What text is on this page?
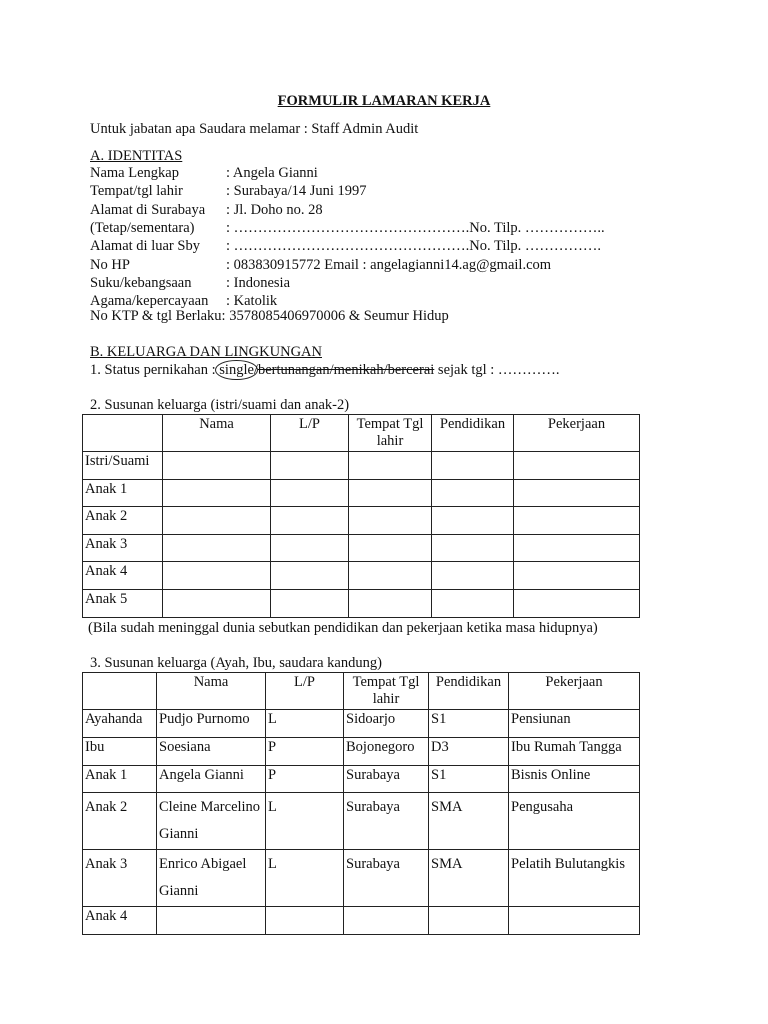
FORMULIR LAMARAN KERJA
Untuk jabatan apa Saudara melamar : Staff Admin Audit
A. IDENTITAS
Nama Lengkap	: Angela Gianni
Tempat/tgl lahir	: Surabaya/14 Juni 1997
Alamat di Surabaya : Jl. Doho no. 28
(Tetap/sementara) : ………………………………………….No. Tilp. ……………..
Alamat di luar Sby : ………………………………………….No. Tilp. …………….
No HP	: 083830915772 Email : angelagianni14.ag@gmail.com
Suku/kebangsaan : Indonesia
Agama/kepercayaan : Katolik
No KTP & tgl Berlaku: 3578085406970006 & Seumur Hidup
B. KELUARGA DAN LINGKUNGAN
1. Status pernikahan : single/bertunangan/menikah/bercerai sejak tgl : ………….
2. Susunan keluarga (istri/suami dan anak-2)
	Nama	L/P	Tempat Tgl lahir	Pendidikan	Pekerjaan
Istri/Suami					
Anak 1					
Anak 2					
Anak 3					
Anak 4					
Anak 5					
(Bila sudah meninggal dunia sebutkan pendidikan dan pekerjaan ketika masa hidupnya)
3. Susunan keluarga (Ayah, Ibu, saudara kandung)
	Nama	L/P	Tempat Tgl lahir	Pendidikan	Pekerjaan
Ayahanda	Pudjo Purnomo	L	Sidoarjo	S1	Pensiunan
Ibu	Soesiana	P	Bojonegoro	D3	Ibu Rumah Tangga
Anak 1	Angela Gianni	P	Surabaya	S1	Bisnis Online
Anak 2	Cleine Marcelino Gianni	L	Surabaya	SMA	Pengusaha
Anak 3	Enrico Abigael Gianni	L	Surabaya	SMA	Pelatih Bulutangkis
Anak 4					
